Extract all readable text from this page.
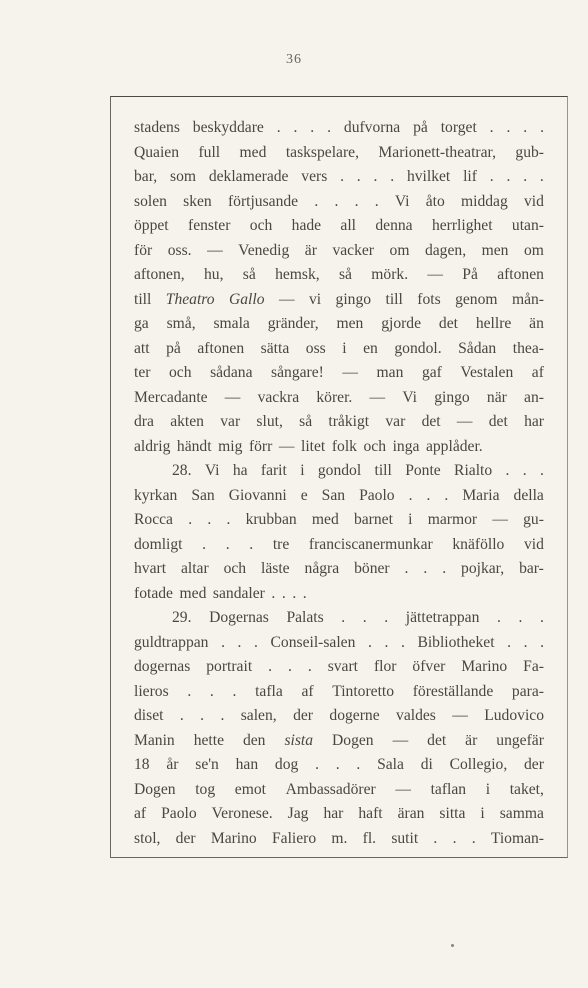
36
stadens beskyddare . . . . dufvorna på torget . . . .
Quaien full med taskspelare, Marionett-theatrar, gub-
bar, som deklamerade vers . . . . hvilket lif . . . .
solen sken förtjusande . . . . Vi åto middag vid
öppet fenster och hade all denna herrlighet utan-
för oss. — Venedig är vacker om dagen, men om
aftonen, hu, så hemsk, så mörk. — På aftonen
till Theatro Gallo — vi gingo till fots genom mån-
ga små, smala gränder, men gjorde det hellre än
att på aftonen sätta oss i en gondol. Sådan thea-
ter och sådana sångare! — man gaf Vestalen af
Mercadante — vackra körer. — Vi gingo när an-
dra akten var slut, så tråkigt var det — det har
aldrig händt mig förr — litet folk och inga applåder.
28. Vi ha farit i gondol till Ponte Rialto . . .
kyrkan San Giovanni e San Paolo . . . Maria della
Rocca . . . krubban med barnet i marmor — gu-
domligt . . . tre franciscanermunkar knäföllo vid
hvart altar och läste några böner . . . pojkar, bar-
fotade med sandaler . . . .
29. Dogernas Palats . . . jättetrappan . . .
guldtrappan . . . Conseil-salen . . . Bibliotheket . . .
dogernas portrait . . . svart flor öfver Marino Fa-
lieros . . . tafla af Tintoretto föreställande para-
diset . . . salen, der dogerne valdes — Ludovico
Manin hette den sista Dogen — det är ungefär
18 år se'n han dog . . . Sala di Collegio, der
Dogen tog emot Ambassadörer — taflan i taket,
af Paolo Veronese. Jag har haft äran sitta i samma
stol, der Marino Faliero m. fl. sutit . . . Tioman-
